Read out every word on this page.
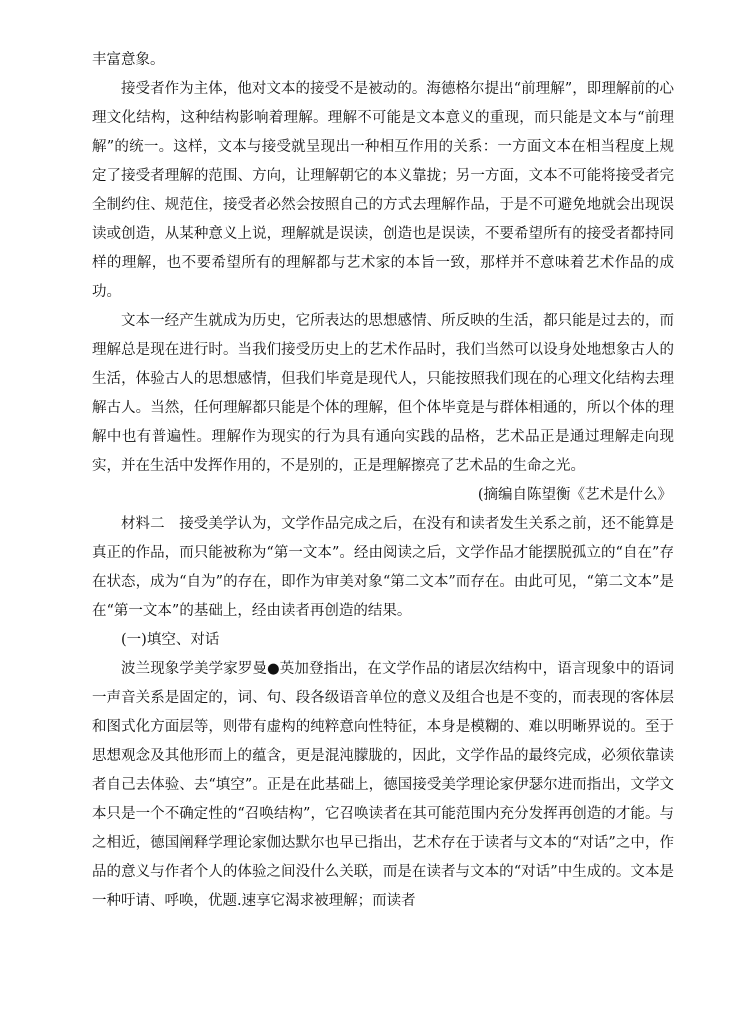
丰富意象。

接受者作为主体，他对文本的接受不是被动的。海德格尔提出“前理解”，即理解前的心理文化结构，这种结构影响着理解。理解不可能是文本意义的重现，而只能是文本与“前理解”的统一。这样，文本与接受就呈现出一种相互作用的关系：一方面文本在相当程度上规定了接受者理解的范围、方向，让理解朝它的本义靠拢；另一方面，文本不可能将接受者完全制约住、规范住，接受者必然会按照自己的方式去理解作品，于是不可避免地就会出现误读或创造，从某种意义上说，理解就是误读，创造也是误读，不要希望所有的接受者都持同样的理解，也不要希望所有的理解都与艺术家的本旨一致，那样并不意味着艺术作品的成功。

文本一经产生就成为历史，它所表达的思想感情、所反映的生活，都只能是过去的，而理解总是现在进行时。当我们接受历史上的艺术作品时，我们当然可以设身处地想象古人的生活，体验古人的思想感情，但我们毕竟是现代人，只能按照我们现在的心理文化结构去理解古人。当然，任何理解都只能是个体的理解，但个体毕竟是与群体相通的，所以个体的理解中也有普遍性。理解作为现实的行为具有通向实践的品格，艺术品正是通过理解走向现实，并在生活中发挥作用的，不是别的，正是理解擦亮了艺术品的生命之光。

(摘编自陈望衡《艺术是什么》

材料二　接受美学认为，文学作品完成之后，在没有和读者发生关系之前，还不能算是真正的作品，而只能被称为“第一文本”。经由阅读之后，文学作品才能摆脱孤立的“自在”存在状态，成为“自为”的存在，即作为审美对象“第二文本”而存在。由此可见，“第二文本”是在“第一文本”的基础上，经由读者再创造的结果。

(一)填空、对话

波兰现象学美学家罗曼●英加登指出，在文学作品的诸层次结构中，语言现象中的语词一声音关系是固定的，词、句、段各级语音单位的意义及组合也是不变的，而表现的客体层和图式化方面层等，则带有虚构的纯粹意向性特征，本身是模糊的、难以明晰界说的。至于思想观念及其他形而上的蕴含，更是混沌朦胧的，因此，文学作品的最终完成，必须依靠读者自己去体验、去“填空”。正是在此基础上，德国接受美学理论家伊瑟尔进而指出，文学文本只是一个不确定性的“召唤结构”，它召唤读者在其可能范围内充分发挥再创造的才能。与之相近，德国阐释学理论家伽达默尔也早已指出，艺术存在于读者与文本的“对话”之中，作品的意义与作者个人的体验之间没什么关联，而是在读者与文本的“对话”中生成的。文本是一种吁请、呼唤，优题.速享它渴求被理解；而读者
